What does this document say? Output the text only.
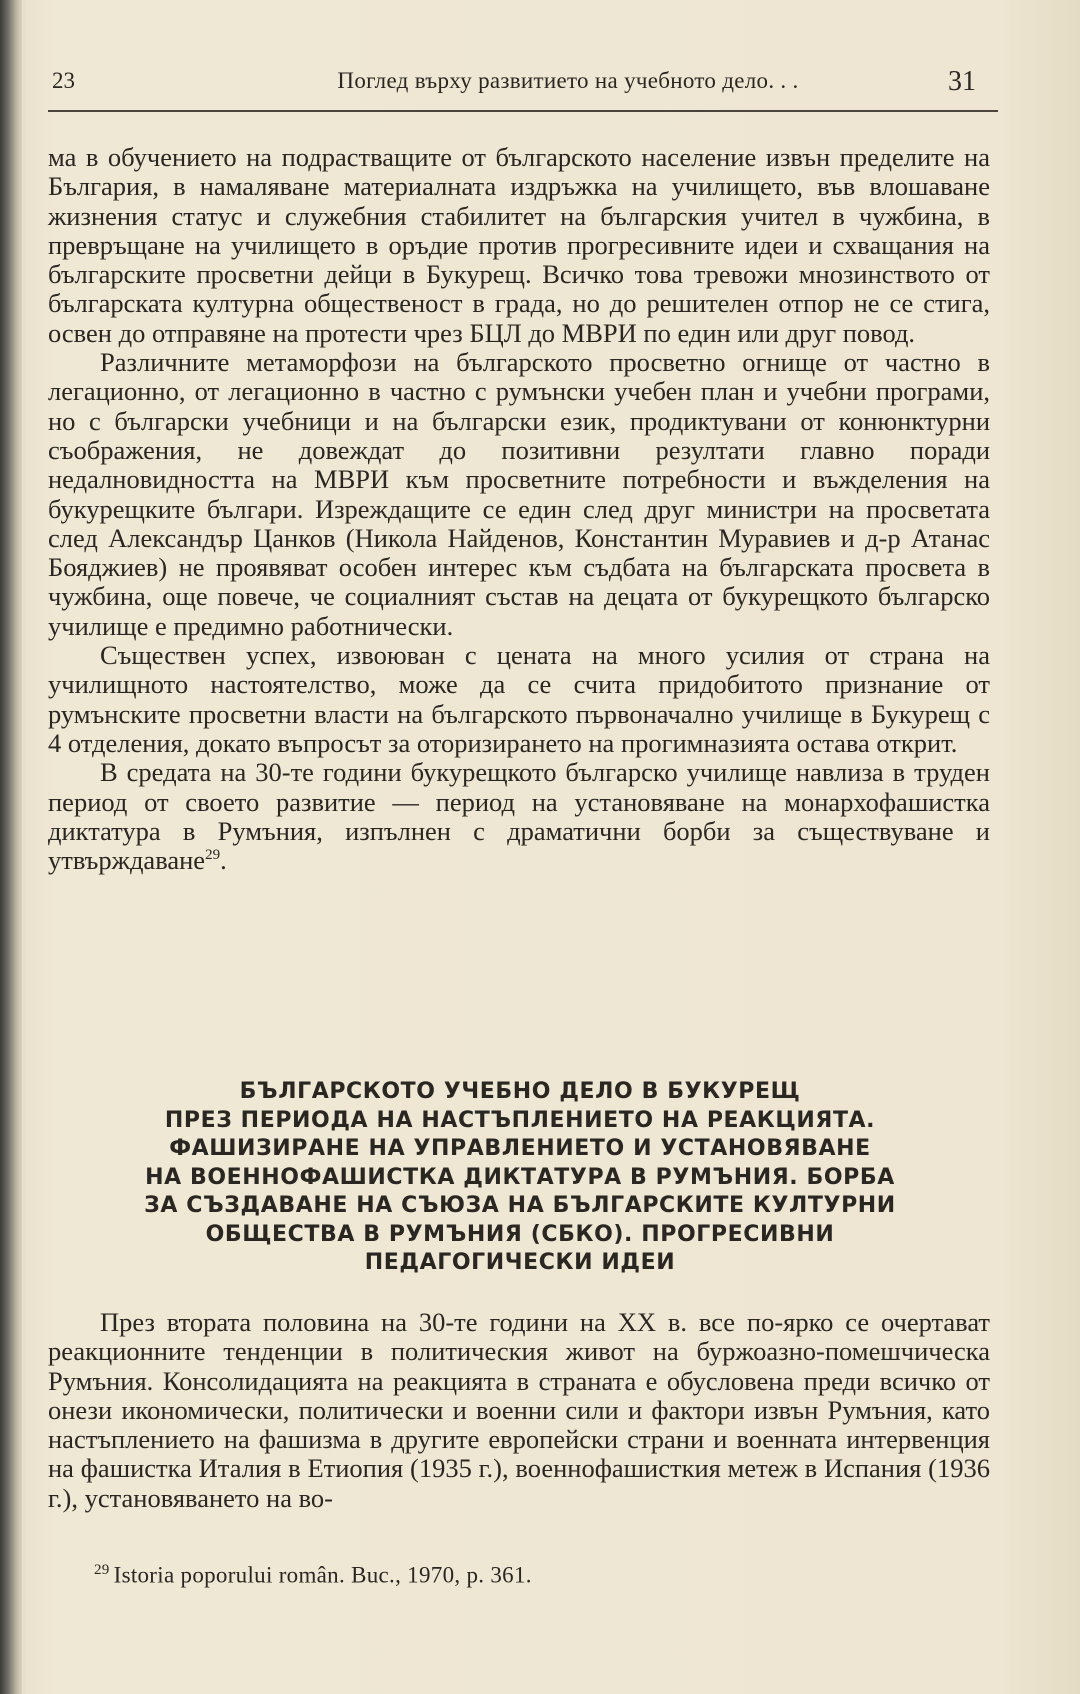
23	Поглед върху развитието на учебното дело. . .	31

ма в обучението на подрастващите от българското население извън пределите на България, в намаляване материалната издръжка на училището, във влошаване жизнения статус и служебния стабилитет на българския учител в чужбина, в превръщане на училището в оръдие против прогресивните идеи и схващания на българските просветни дейци в Букурещ. Всичко това тревожи мнозинството от българската културна общественост в града, но до решителен отпор не се стига, освен до отправяне на протести чрез БЦЛ до МВРИ по един или друг повод.

Различните метаморфози на българското просветно огнище от частно в легационно, от легационно в частно с румънски учебен план и учебни програми, но с български учебници и на български език, продиктувани от конюнктурни съображения, не довеждат до позитивни резултати главно поради недалновидността на МВРИ към просветните потребности и въжделения на букурещките българи. Изреждащите се един след друг министри на просветата след Александър Цанков (Никола Найденов, Константин Муравиев и д-р Атанас Бояджиев) не проявяват особен интерес към съдбата на българската просвета в чужбина, още повече, че социалният състав на децата от букурещкото българско училище е предимно работнически.

Съществен успех, извоюван с цената на много усилия от страна на училищното настоятелство, може да се счита придобитото признание от румънските просветни власти на българското първоначално училище в Букурещ с 4 отделения, докато въпросът за оторизирането на прогимназията остава открит.

В средата на 30-те години букурещкото българско училище навлиза в труден период от своето развитие — период на установяване на монархофашистка диктатура в Румъния, изпълнен с драматични борби за съществуване и утвърждаване$^{29}$.

БЪЛГАРСКОТО УЧЕБНО ДЕЛО В БУКУРЕЩ
ПРЕЗ ПЕРИОДА НА НАСТЪПЛЕНИЕТО НА РЕАКЦИЯТА.
ФАШИЗИРАНЕ НА УПРАВЛЕНИЕТО И УСТАНОВЯВАНЕ
НА ВОЕННОФАШИСТКА ДИКТАТУРА В РУМЪНИЯ. БОРБА
ЗА СЪЗДАВАНЕ НА СЪЮЗА НА БЪЛГАРСКИТЕ КУЛТУРНИ
ОБЩЕСТВА В РУМЪНИЯ (СБКО). ПРОГРЕСИВНИ
ПЕДАГОГИЧЕСКИ ИДЕИ

През втората половина на 30-те години на XX в. все по-ярко се очертават реакционните тенденции в политическия живот на буржоазно-помешчическа Румъния. Консолидацията на реакцията в страната е обусловена преди всичко от онези икономически, политически и военни сили и фактори извън Румъния, като настъплението на фашизма в другите европейски страни и военната интервенция на фашистка Италия в Етиопия (1935 г.), военнофашисткия метеж в Испания (1936 г.), установяването на во-

$^{29}$ Istoria poporului român. Buc., 1970, p. 361.
